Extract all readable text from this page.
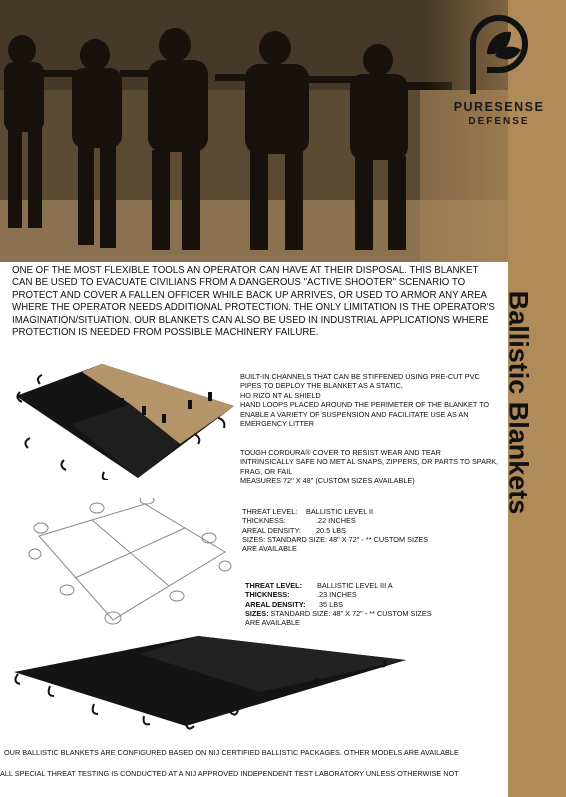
PURESENSE
DEFENSE
Ballistic Blankets
ONE OF THE MOST FLEXIBLE TOOLS AN OPERATOR CAN HAVE AT THEIR DISPOSAL. THIS BLANKET CAN BE USED TO EVACUATE CIVILIANS FROM A DANGEROUS "ACTIVE SHOOTER" SCENARIO TO PROTECT AND COVER A FALLEN OFFICER WHILE BACK UP ARRIVES, OR USED TO ARMOR ANY AREA WHERE THE OPERATOR NEEDS ADDITIONAL PROTECTION. THE ONLY LIMITATION IS THE OPERATOR'S IMAGINATION/SITUATION. OUR BLANKETS CAN ALSO BE USED IN INDUSTRIAL APPLICATIONS WHERE PROTECTION IS NEEDED FROM POSSIBLE MACHINERY FAILURE.
BUILT-IN CHANNELS THAT CAN BE STIFFENED USING PRE-CUT PVC PIPES TO DEPLOY THE BLANKET AS A STATIC,
HO RIZO NT AL SHIELD
HAND LOOPS PLACED AROUND THE PERIMETER OF THE BLANKET TO ENABLE A VARIETY OF SUSPENSION AND FACILITATE USE AS AN EMERGENCY LITTER
TOUGH CORDURA® COVER TO RESIST WEAR AND TEAR
INTRINSICALLY SAFE NO MET AL SNAPS, ZIPPERS, OR PARTS TO SPARK, FRAG, OR FAIL
MEASURES 72" X 48" (CUSTOM SIZES AVAILABLE)
THREAT LEVEL: BALLISTIC LEVEL II
THICKNESS:	.22 INCHES
AREAL DENSITY: 20.5 LBS
SIZES: STANDARD SIZE: 48" X 72" - ** CUSTOM SIZES
ARE AVAILABLE
THREAT LEVEL: BALLISTIC LEVEL III A
THICKNESS:	.23 INCHES
AREAL DENSITY: 35 LBS
SIZES: STANDARD SIZE: 48" X 72" - ** CUSTOM SIZES
ARE AVAILABLE
OUR BALLISTIC BLANKETS ARE CONFIGURED BASED ON NIJ CERTIFIED BALLISTIC PACKAGES. OTHER MODELS ARE AVAILABLE
ALL SPECIAL THREAT TESTING IS CONDUCTED AT A NIJ APPROVED INDEPENDENT TEST LABORATORY UNLESS OTHERWISE NOT
